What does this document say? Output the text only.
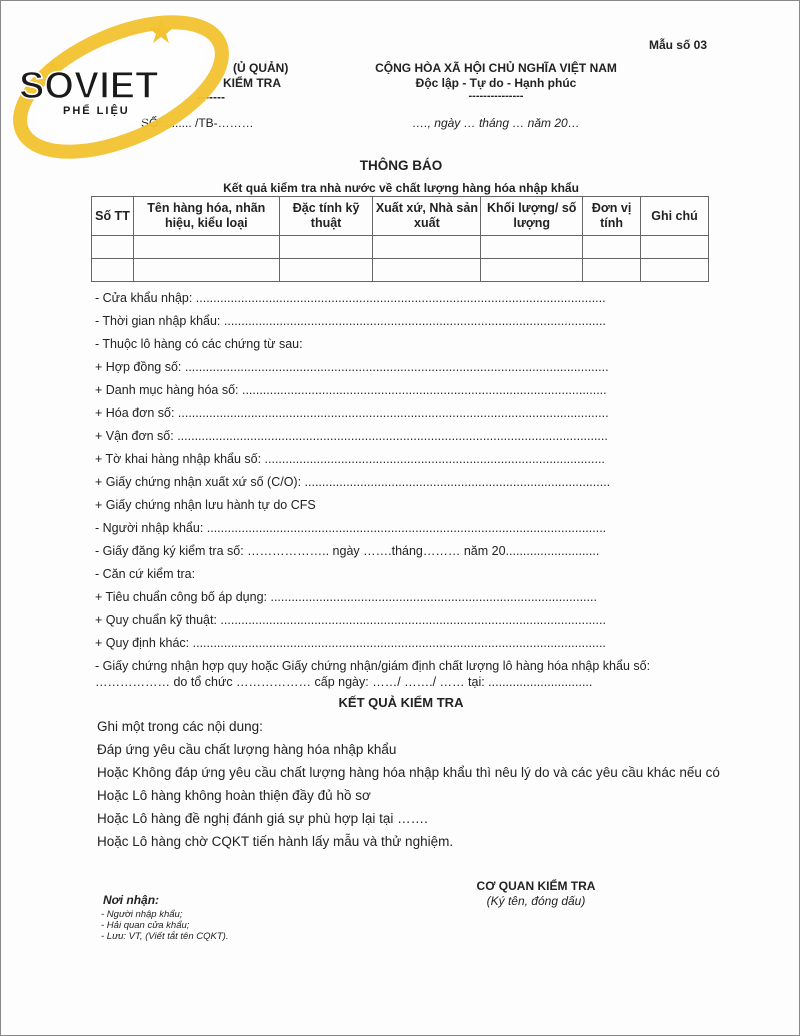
Mẫu số 03
(Ủ QUẢN)
KIỂM TRA
-------
SỐ: ........ /TB-………
CỘNG HÒA XÃ HỘI CHỦ NGHĨA VIỆT NAM
Độc lập - Tự do - Hạnh phúc
---------------
…., ngày … tháng … năm 20…
SOVIET
PHẾ LIỆU
THÔNG BÁO
Kết quả kiểm tra nhà nước về chất lượng hàng hóa nhập khẩu
Số TT	Tên hàng hóa, nhãn hiệu, kiểu loại	Đặc tính kỹ thuật	Xuất xứ, Nhà sản xuất	Khối lượng/ số lượng	Đơn vị tính	Ghi chú

- Cửa khẩu nhập: ......................................................................................................................
- Thời gian nhập khẩu: ..............................................................................................................
- Thuộc lô hàng có các chứng từ sau:
+ Hợp đồng số: ..........................................................................................................................
+ Danh mục hàng hóa số: .........................................................................................................
+ Hóa đơn số: ............................................................................................................................
+ Vận đơn số: ............................................................................................................................
+ Tờ khai hàng nhập khẩu số: ..................................................................................................
+ Giấy chứng nhận xuất xứ số (C/O): ........................................................................................
+ Giấy chứng nhận lưu hành tự do CFS
- Người nhập khẩu: ...................................................................................................................
- Giấy đăng ký kiểm tra số: ……………….. ngày …….tháng……… năm 20...........................
- Căn cứ kiểm tra:
+ Tiêu chuẩn công bố áp dụng: ..............................................................................................
+ Quy chuẩn kỹ thuật: ...............................................................................................................
+ Quy định khác: .......................................................................................................................
- Giấy chứng nhận hợp quy hoặc Giấy chứng nhận/giám định chất lượng lô hàng hóa nhập khẩu số:
……………… do tổ chức ……………… cấp ngày: ……/ ……./ …… tại: ..............................
KẾT QUẢ KIỂM TRA
Ghi một trong các nội dung:
Đáp ứng yêu cầu chất lượng hàng hóa nhập khẩu
Hoặc Không đáp ứng yêu cầu chất lượng hàng hóa nhập khẩu thì nêu lý do và các yêu cầu khác nếu có
Hoặc Lô hàng không hoàn thiện đầy đủ hồ sơ
Hoặc Lô hàng đề nghị đánh giá sự phù hợp lại tại …….
Hoặc Lô hàng chờ CQKT tiến hành lấy mẫu và thử nghiệm.
CƠ QUAN KIỂM TRA
(Ký tên, đóng dấu)
Nơi nhận:
- Người nhập khẩu;
- Hải quan cửa khẩu;
- Lưu: VT, (Viết tắt tên CQKT).
